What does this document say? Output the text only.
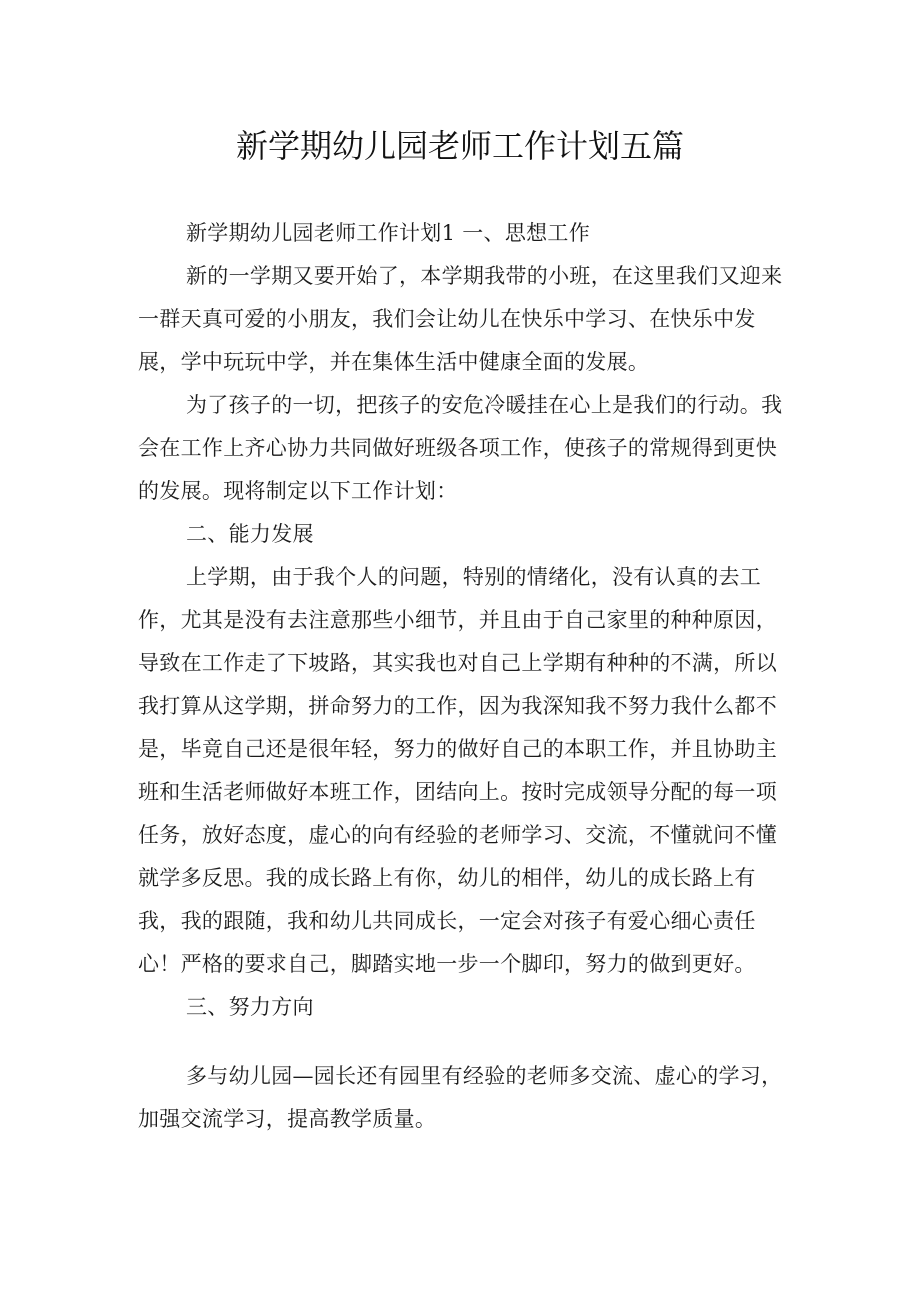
新学期幼儿园老师工作计划五篇

新学期幼儿园老师工作计划1 一、思想工作

新的一学期又要开始了，本学期我带的小班，在这里我们又迎来一群天真可爱的小朋友，我们会让幼儿在快乐中学习、在快乐中发展，学中玩玩中学，并在集体生活中健康全面的发展。

为了孩子的一切，把孩子的安危冷暖挂在心上是我们的行动。我会在工作上齐心协力共同做好班级各项工作，使孩子的常规得到更快的发展。现将制定以下工作计划：

二、能力发展

上学期，由于我个人的问题，特别的情绪化，没有认真的去工作，尤其是没有去注意那些小细节，并且由于自己家里的种种原因，导致在工作走了下坡路，其实我也对自己上学期有种种的不满，所以我打算从这学期，拼命努力的工作，因为我深知我不努力我什么都不是，毕竟自己还是很年轻，努力的做好自己的本职工作，并且协助主班和生活老师做好本班工作，团结向上。按时完成领导分配的每一项任务，放好态度，虚心的向有经验的老师学习、交流，不懂就问不懂就学多反思。我的成长路上有你，幼儿的相伴，幼儿的成长路上有我，我的跟随，我和幼儿共同成长，一定会对孩子有爱心细心责任心！严格的要求自己，脚踏实地一步一个脚印，努力的做到更好。

三、努力方向

多与幼儿园—园长还有园里有经验的老师多交流、虚心的学习，加强交流学习，提高教学质量。
